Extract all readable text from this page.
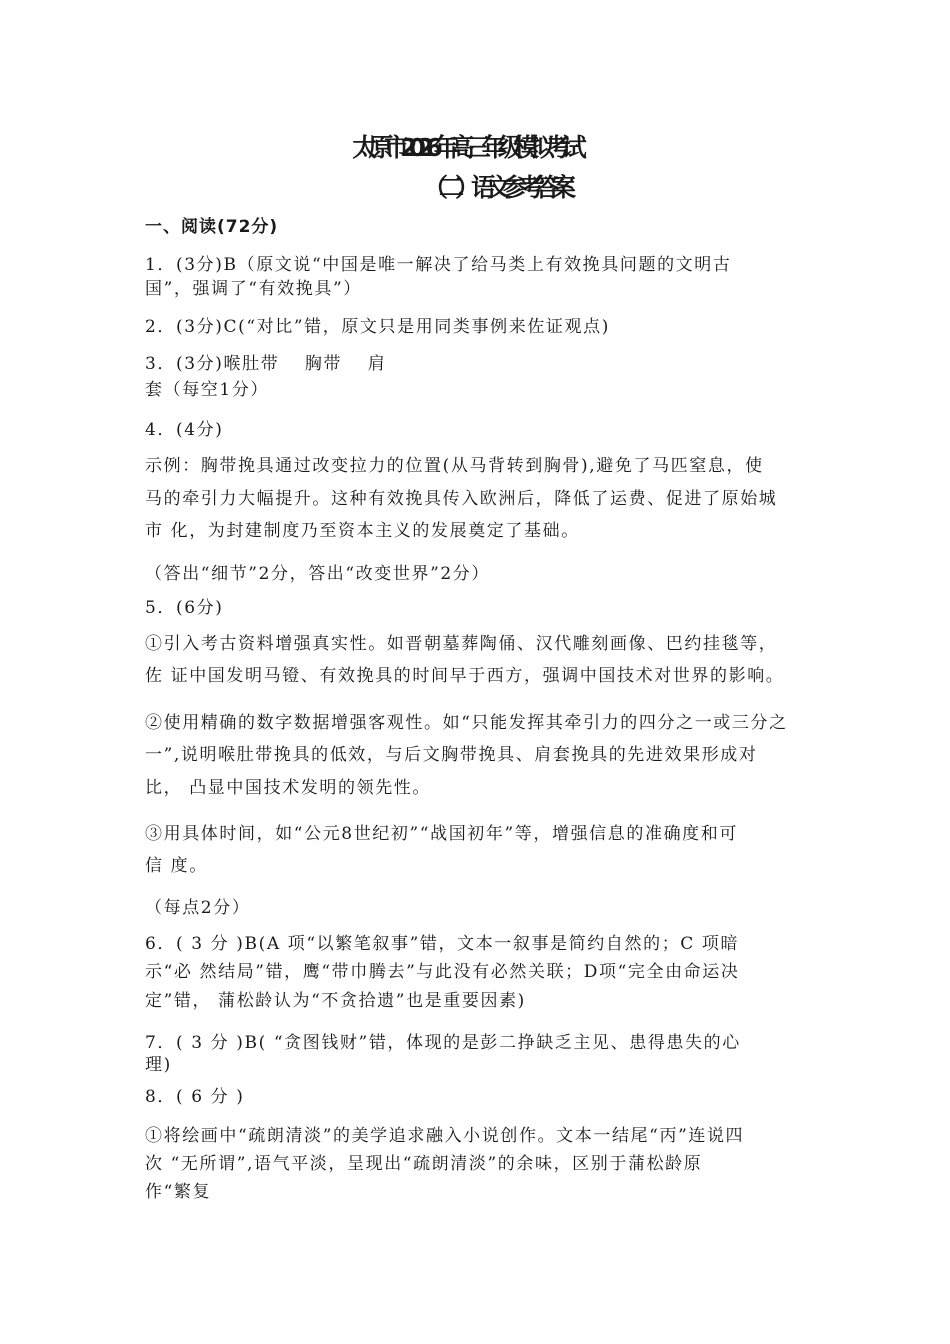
太原市2026年高三年级模拟考试
（二）语文参考答案
一、阅读(72分)
1．(3分)B（原文说“中国是唯一解决了给马类上有效挽具问题的文明古
国”，强调了“有效挽具”）
2．(3分)C(“对比”错，原文只是用同类事例来佐证观点)
3．(3分)喉肚带　 胸带　 肩
套（每空1分）
4．(4分)
示例：胸带挽具通过改变拉力的位置(从马背转到胸骨),避免了马匹窒息，使
马的牵引力大幅提升。这种有效挽具传入欧洲后，降低了运费、促进了原始城
市 化，为封建制度乃至资本主义的发展奠定了基础。
（答出“细节”2分，答出“改变世界”2分）
5．(6分)
①引入考古资料增强真实性。如晋朝墓葬陶俑、汉代雕刻画像、巴约挂毯等，
佐 证中国发明马镫、有效挽具的时间早于西方，强调中国技术对世界的影响。
②使用精确的数字数据增强客观性。如“只能发挥其牵引力的四分之一或三分之
一”,说明喉肚带挽具的低效，与后文胸带挽具、肩套挽具的先进效果形成对
比， 凸显中国技术发明的领先性。
③用具体时间，如“公元8世纪初”“战国初年”等，增强信息的准确度和可
信 度。
（每点2分）
6．( 3 分 )B(A 项“以繁笔叙事”错，文本一叙事是简约自然的；C 项暗
示“必 然结局”错，鹰“带巾腾去”与此没有必然关联；D项“完全由命运决
定”错， 蒲松龄认为“不贪拾遗”也是重要因素)
7．( 3 分 )B( “贪图钱财”错，体现的是彭二挣缺乏主见、患得患失的心
理)
8．( 6 分 )
①将绘画中“疏朗清淡”的美学追求融入小说创作。文本一结尾“丙”连说四
次 “无所谓”,语气平淡，呈现出“疏朗清淡”的余味，区别于蒲松龄原
作“繁复
